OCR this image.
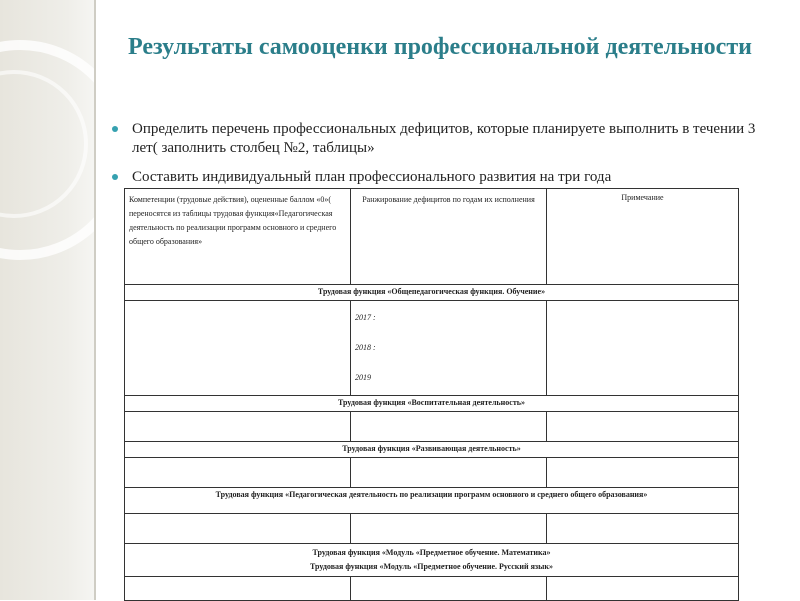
Результаты самооценки профессиональной деятельности
Определить перечень профессиональных дефицитов, которые планируете выполнить в течении 3 лет( заполнить столбец №2, таблицы»
Составить индивидуальный план профессионального развития на три года
Компетенции (трудовые действия), оцененные баллом «0»( переносятся из таблицы трудовая функция«Педагогическая деятельность по реализации программ основного и среднего общего образования»	Ранжирование дефицитов по годам их исполнения	Примечание
Трудовая функция «Общепедагогическая функция. Обучение»		

	2017 :
2018 :
2019	

Трудовая функция «Воспитательная деятельность»		

Трудовая функция «Развивающая деятельность»		

Трудовая функция «Педагогическая деятельность по реализации программ основного и среднего общего образования»		

Трудовая функция «Модуль «Предметное обучение. Математика»
Трудовая функция «Модуль «Предметное обучение. Русский язык»		
